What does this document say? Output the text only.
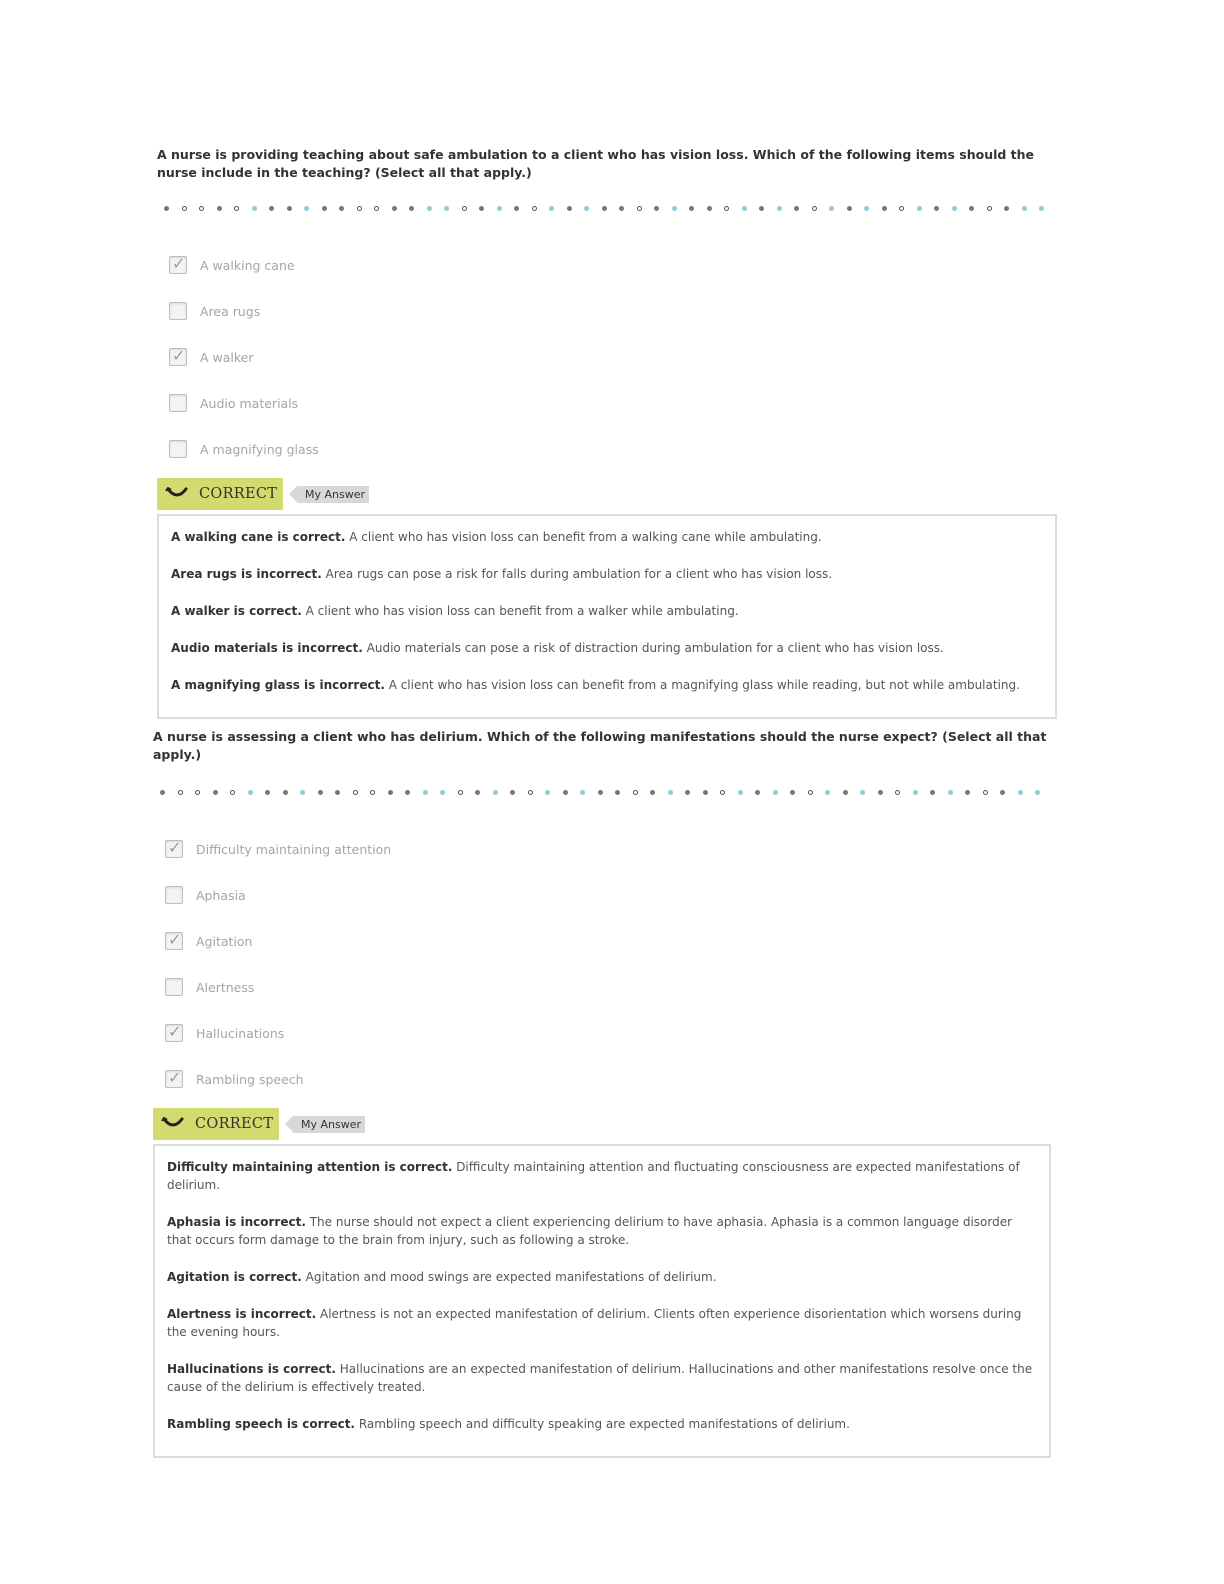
A nurse is providing teaching about safe ambulation to a client who has vision loss. Which of the following items should the nurse include in the teaching? (Select all that apply.)

✓ A walking cane
Area rugs
✓ A walker
Audio materials
A magnifying glass
CORRECT	My Answer

A walking cane is correct. A client who has vision loss can benefit from a walking cane while ambulating.

Area rugs is incorrect. Area rugs can pose a risk for falls during ambulation for a client who has vision loss.

A walker is correct. A client who has vision loss can benefit from a walker while ambulating.

Audio materials is incorrect. Audio materials can pose a risk of distraction during ambulation for a client who has vision loss.

A magnifying glass is incorrect. A client who has vision loss can benefit from a magnifying glass while reading, but not while ambulating.

A nurse is assessing a client who has delirium. Which of the following manifestations should the nurse expect? (Select all that apply.)

✓ Difficulty maintaining attention
Aphasia
✓ Agitation
Alertness
✓ Hallucinations
✓ Rambling speech
CORRECT	My Answer

Difficulty maintaining attention is correct. Difficulty maintaining attention and fluctuating consciousness are expected manifestations of delirium.

Aphasia is incorrect. The nurse should not expect a client experiencing delirium to have aphasia. Aphasia is a common language disorder that occurs form damage to the brain from injury, such as following a stroke.

Agitation is correct. Agitation and mood swings are expected manifestations of delirium.

Alertness is incorrect. Alertness is not an expected manifestation of delirium. Clients often experience disorientation which worsens during the evening hours.

Hallucinations is correct. Hallucinations are an expected manifestation of delirium. Hallucinations and other manifestations resolve once the cause of the delirium is effectively treated.

Rambling speech is correct. Rambling speech and difficulty speaking are expected manifestations of delirium.
